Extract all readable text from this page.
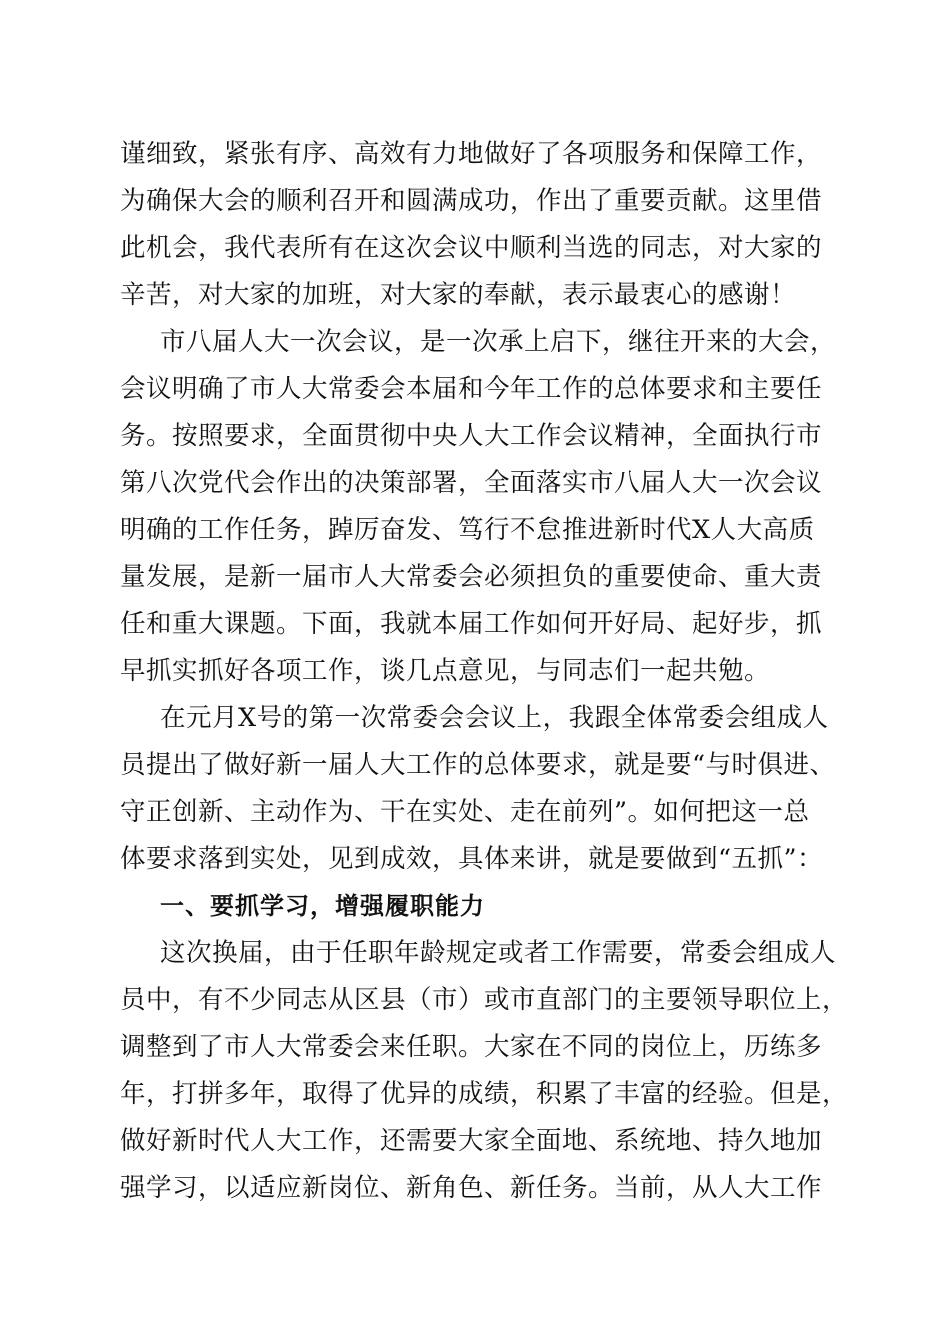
谨细致，紧张有序、高效有力地做好了各项服务和保障工作，
为确保大会的顺利召开和圆满成功，作出了重要贡献。这里借
此机会，我代表所有在这次会议中顺利当选的同志，对大家的
辛苦，对大家的加班，对大家的奉献，表示最衷心的感谢！
市八届人大一次会议，是一次承上启下，继往开来的大会，
会议明确了市人大常委会本届和今年工作的总体要求和主要任
务。按照要求，全面贯彻中央人大工作会议精神，全面执行市
第八次党代会作出的决策部署，全面落实市八届人大一次会议
明确的工作任务，踔厉奋发、笃行不怠推进新时代X人大高质
量发展，是新一届市人大常委会必须担负的重要使命、重大责
任和重大课题。下面，我就本届工作如何开好局、起好步，抓
早抓实抓好各项工作，谈几点意见，与同志们一起共勉。
在元月X号的第一次常委会会议上，我跟全体常委会组成人
员提出了做好新一届人大工作的总体要求，就是要“与时俱进、
守正创新、主动作为、干在实处、走在前列”。如何把这一总
体要求落到实处，见到成效，具体来讲，就是要做到“五抓”：
一、要抓学习，增强履职能力
这次换届，由于任职年龄规定或者工作需要，常委会组成人
员中，有不少同志从区县（市）或市直部门的主要领导职位上，
调整到了市人大常委会来任职。大家在不同的岗位上，历练多
年，打拼多年，取得了优异的成绩，积累了丰富的经验。但是，
做好新时代人大工作，还需要大家全面地、系统地、持久地加
强学习，以适应新岗位、新角色、新任务。当前，从人大工作
